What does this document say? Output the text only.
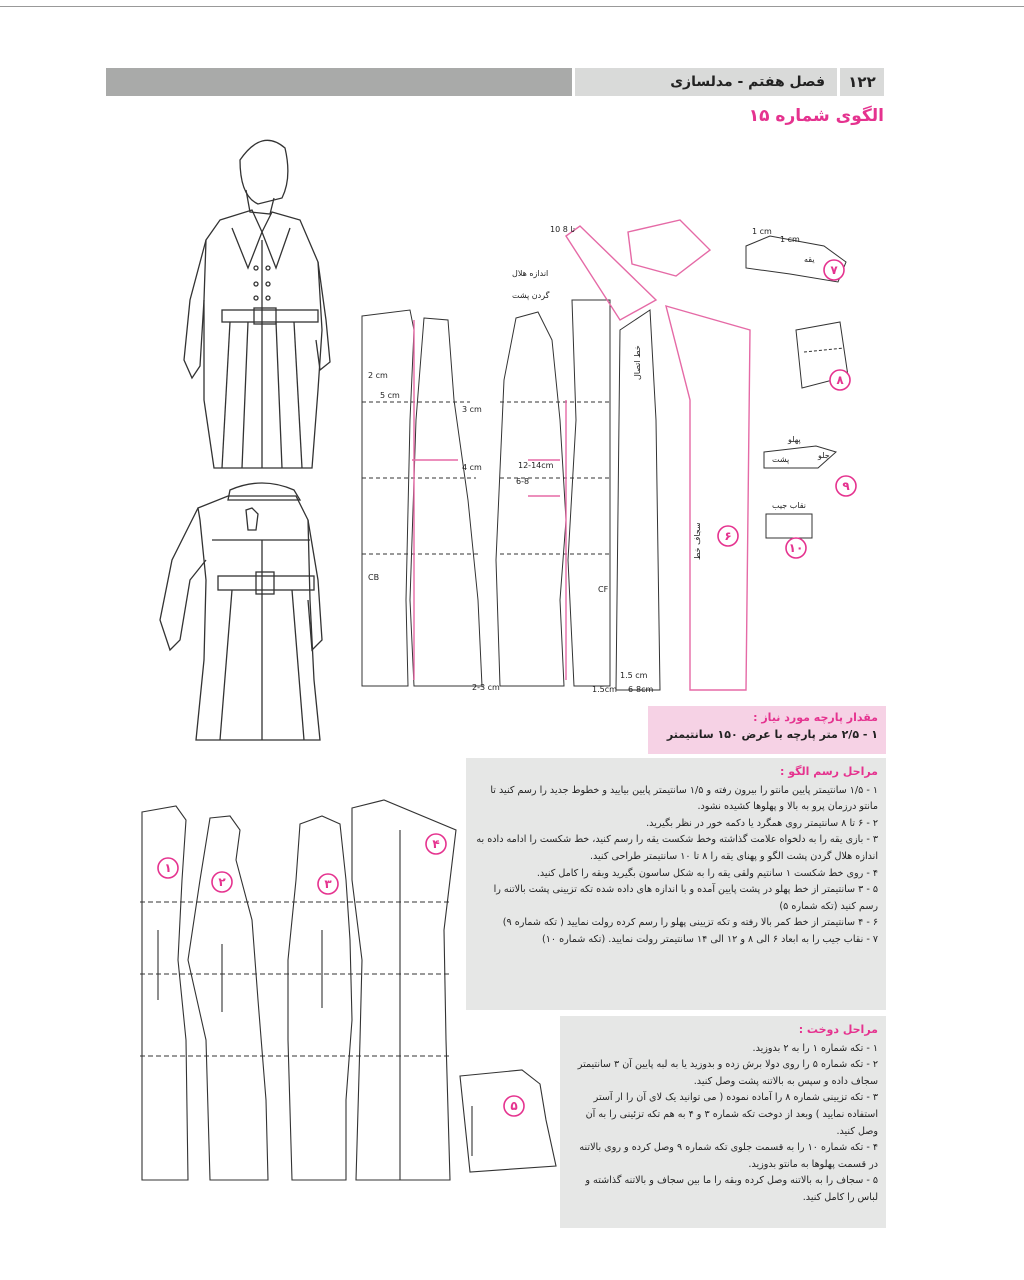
فصل هفتم - مدلسازی	۱۲۲
الگوی شماره ۱۵
اندازه هلال
گردن پشت
10 تا 8	1 cm
1 cm
یقه
2 cm
5 cm
3 cm
4 cm	12-14cm
6-8
CB
CF
1.5 cm
1.5cm 6-8cm
2-3 cm
پهلو
جلو
پشت
نقاب جیب
سجاف خط
خط اتصال
۱
۲	۳
۴
۵
۶
۷
۸
۹
۱۰
مقدار پارچه مورد نیاز :
۱ - ۲/۵ متر پارچه با عرض ۱۵۰ سانتیمتر
مراحل رسم الگو :

۱ - ۱/۵ سانتیمتر پایین مانتو را بیرون رفته و ۱/۵ سانتیمتر پایین بیایید و خطوط جدید را رسم کنید تا مانتو درزمان پرو به بالا و پهلوها کشیده نشود.

۲ - ۶ تا ۸ سانتیمتر روی همگرد یا دکمه خور در نظر بگیرید.

۳ - بازی یقه را به دلخواه علامت گذاشته وخط شکست یقه را رسم کنید، خط شکست را ادامه داده به اندازه هلال گردن پشت الگو و پهنای یقه را ۸ تا ۱۰ سانتیمتر طراحی کنید.

۴ - روی خط شکست ۱ سانتیم ولقی یقه را به شکل ساسون بگیرید وبقه را کامل کنید.

۵ - ۳ سانتیمتر از خط پهلو در پشت پایین آمده و با اندازه های داده شده تکه تزیینی پشت بالاتنه را رسم کنید (تکه شماره ۵)

۶ - ۴ سانتیمتر از خط کمر بالا رفته و تکه تزیینی پهلو را رسم کرده رولت نمایید ( تکه شماره ۹)

۷ - نقاب جیب را به ابعاد ۶ الی ۸ و ۱۲ الی ۱۴ سانتیمتر رولت نمایید. (تکه شماره ۱۰)

مراحل دوخت :

۱ - تکه شماره ۱ را به ۲ بدوزید.

۲ - تکه شماره ۵ را روی دولا برش زده و بدوزید یا به لبه پایین آن ۳ سانتیمتر سجاف داده و سپس به بالاتنه پشت وصل کنید.

۳ - تکه تزیینی شماره ۸ را آماده نموده ( می توانید یک لای آن را ار آستر استفاده نمایید ) وبعد از دوخت تکه شماره ۳ و ۴ به هم تکه تزئینی را به آن وصل کنید.

۴ - تکه شماره ۱۰ را به قسمت جلوی تکه شماره ۹ وصل کرده و روی بالاتنه در قسمت پهلوها به مانتو بدوزید.

۵ - سجاف را به بالاتنه وصل کرده وبقه را ما بین سجاف و بالاتنه گذاشته و لباس را کامل کنید.
